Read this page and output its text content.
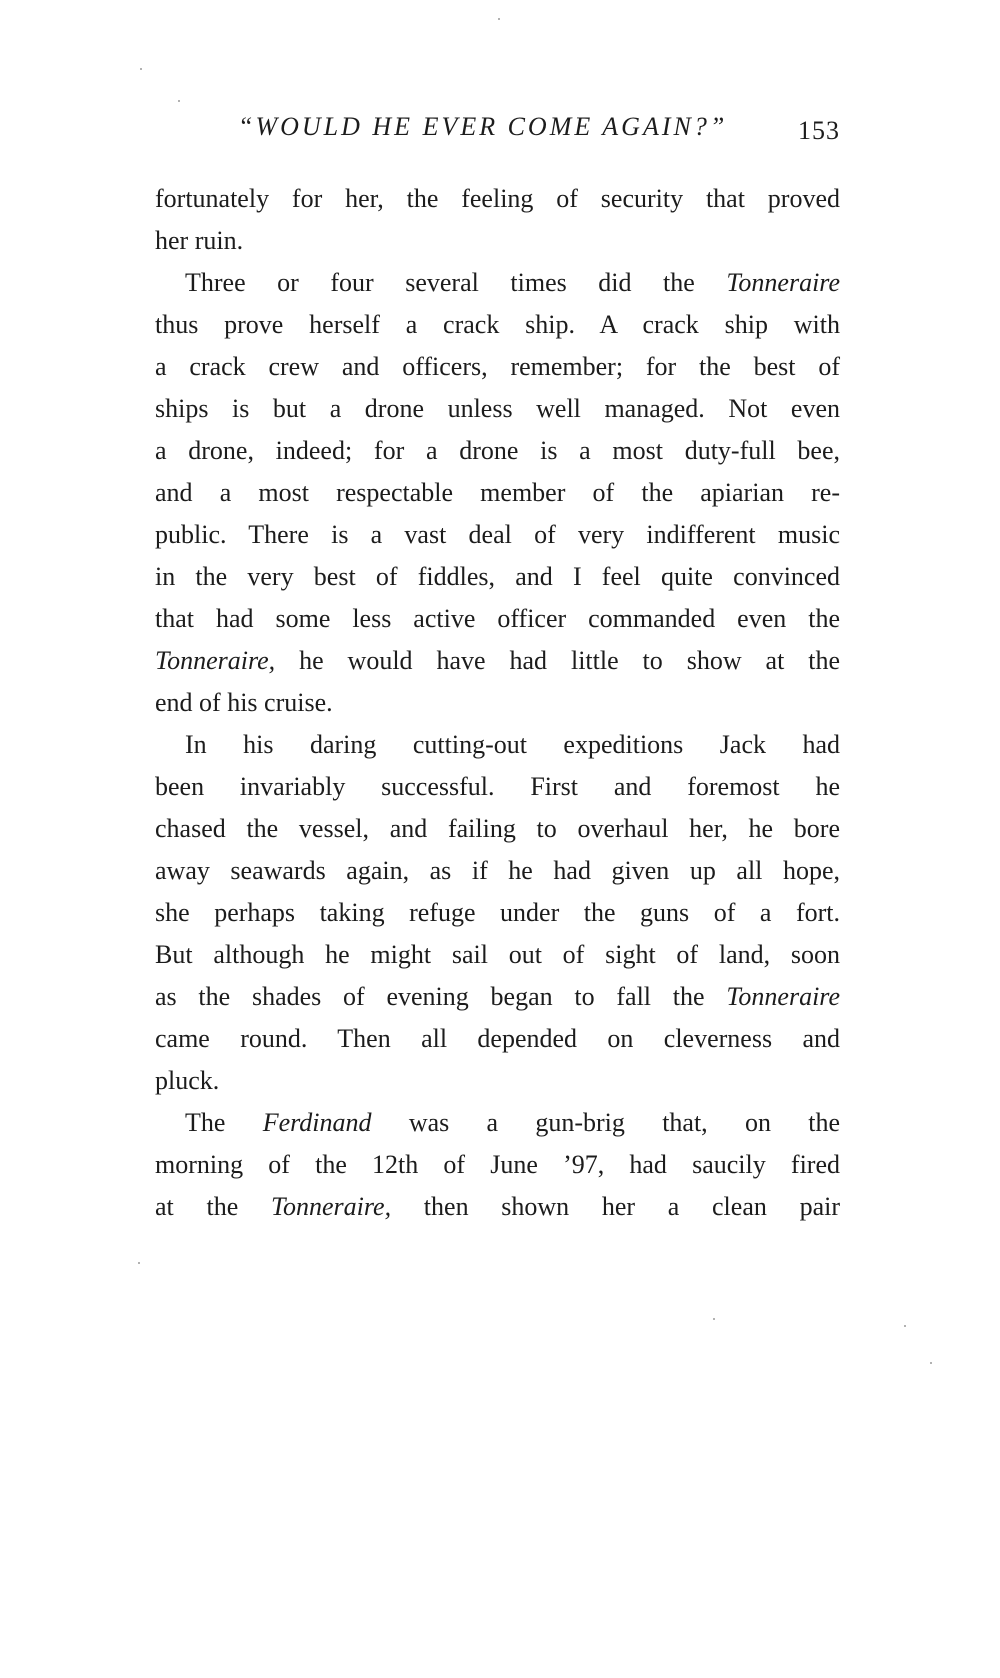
“WOULD HE EVER COME AGAIN?”	153
fortunately for her, the feeling of security that proved
her ruin.
Three or four several times did the Tonneraire
thus prove herself a crack ship. A crack ship with
a crack crew and officers, remember; for the best of
ships is but a drone unless well managed. Not even
a drone, indeed; for a drone is a most duty-full bee,
and a most respectable member of the apiarian re-
public. There is a vast deal of very indifferent music
in the very best of fiddles, and I feel quite convinced
that had some less active officer commanded even the
Tonneraire, he would have had little to show at the
end of his cruise.
In his daring cutting-out expeditions Jack had
been invariably successful. First and foremost he
chased the vessel, and failing to overhaul her, he bore
away seawards again, as if he had given up all hope,
she perhaps taking refuge under the guns of a fort.
But although he might sail out of sight of land, soon
as the shades of evening began to fall the Tonneraire
came round. Then all depended on cleverness and
pluck.
The Ferdinand was a gun-brig that, on the
morning of the 12th of June ’97, had saucily fired
at the Tonneraire, then shown her a clean pair
